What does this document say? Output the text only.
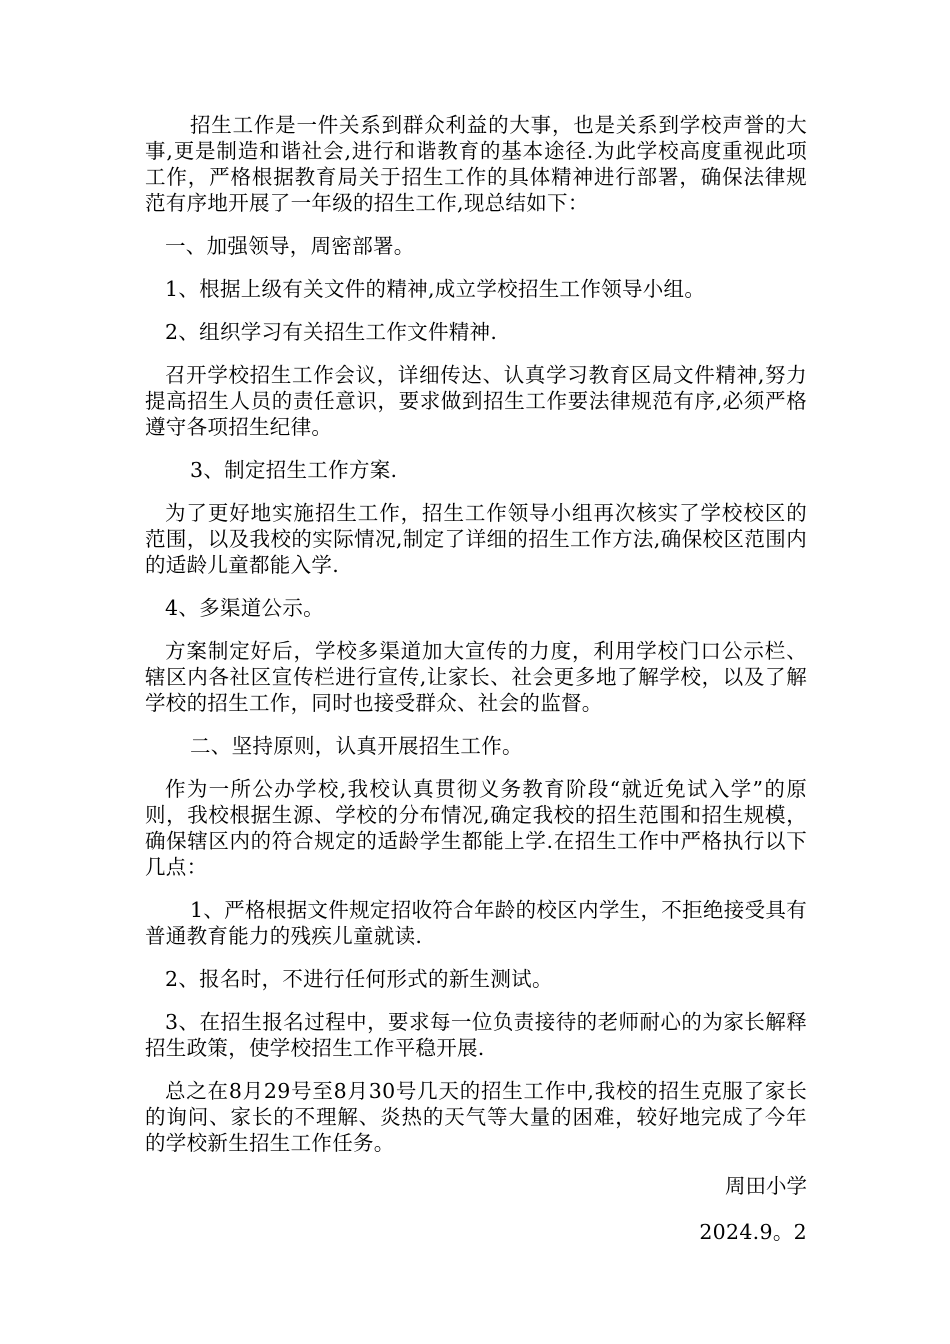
招生工作是一件关系到群众利益的大事，也是关系到学校声誉的大事,更是制造和谐社会,进行和谐教育的基本途径.为此学校高度重视此项工作，严格根据教育局关于招生工作的具体精神进行部署，确保法律规范有序地开展了一年级的招生工作,现总结如下：

一、加强领导，周密部署。

1、根据上级有关文件的精神,成立学校招生工作领导小组。

2、组织学习有关招生工作文件精神.

召开学校招生工作会议，详细传达、认真学习教育区局文件精神,努力提高招生人员的责任意识，要求做到招生工作要法律规范有序,必须严格遵守各项招生纪律。

3、制定招生工作方案.

为了更好地实施招生工作，招生工作领导小组再次核实了学校校区的范围，以及我校的实际情况,制定了详细的招生工作方法,确保校区范围内的适龄儿童都能入学.

4、多渠道公示。

方案制定好后，学校多渠道加大宣传的力度，利用学校门口公示栏、辖区内各社区宣传栏进行宣传,让家长、社会更多地了解学校，以及了解学校的招生工作，同时也接受群众、社会的监督。

二、坚持原则，认真开展招生工作。

作为一所公办学校,我校认真贯彻义务教育阶段“就近免试入学”的原则，我校根据生源、学校的分布情况,确定我校的招生范围和招生规模，确保辖区内的符合规定的适龄学生都能上学.在招生工作中严格执行以下几点：

1、严格根据文件规定招收符合年龄的校区内学生，不拒绝接受具有普通教育能力的残疾儿童就读.

2、报名时，不进行任何形式的新生测试。

3、在招生报名过程中，要求每一位负责接待的老师耐心的为家长解释招生政策，使学校招生工作平稳开展.

总之在8月29号至8月30号几天的招生工作中,我校的招生克服了家长的询问、家长的不理解、炎热的天气等大量的困难，较好地完成了今年的学校新生招生工作任务。

周田小学

2024.9。2
